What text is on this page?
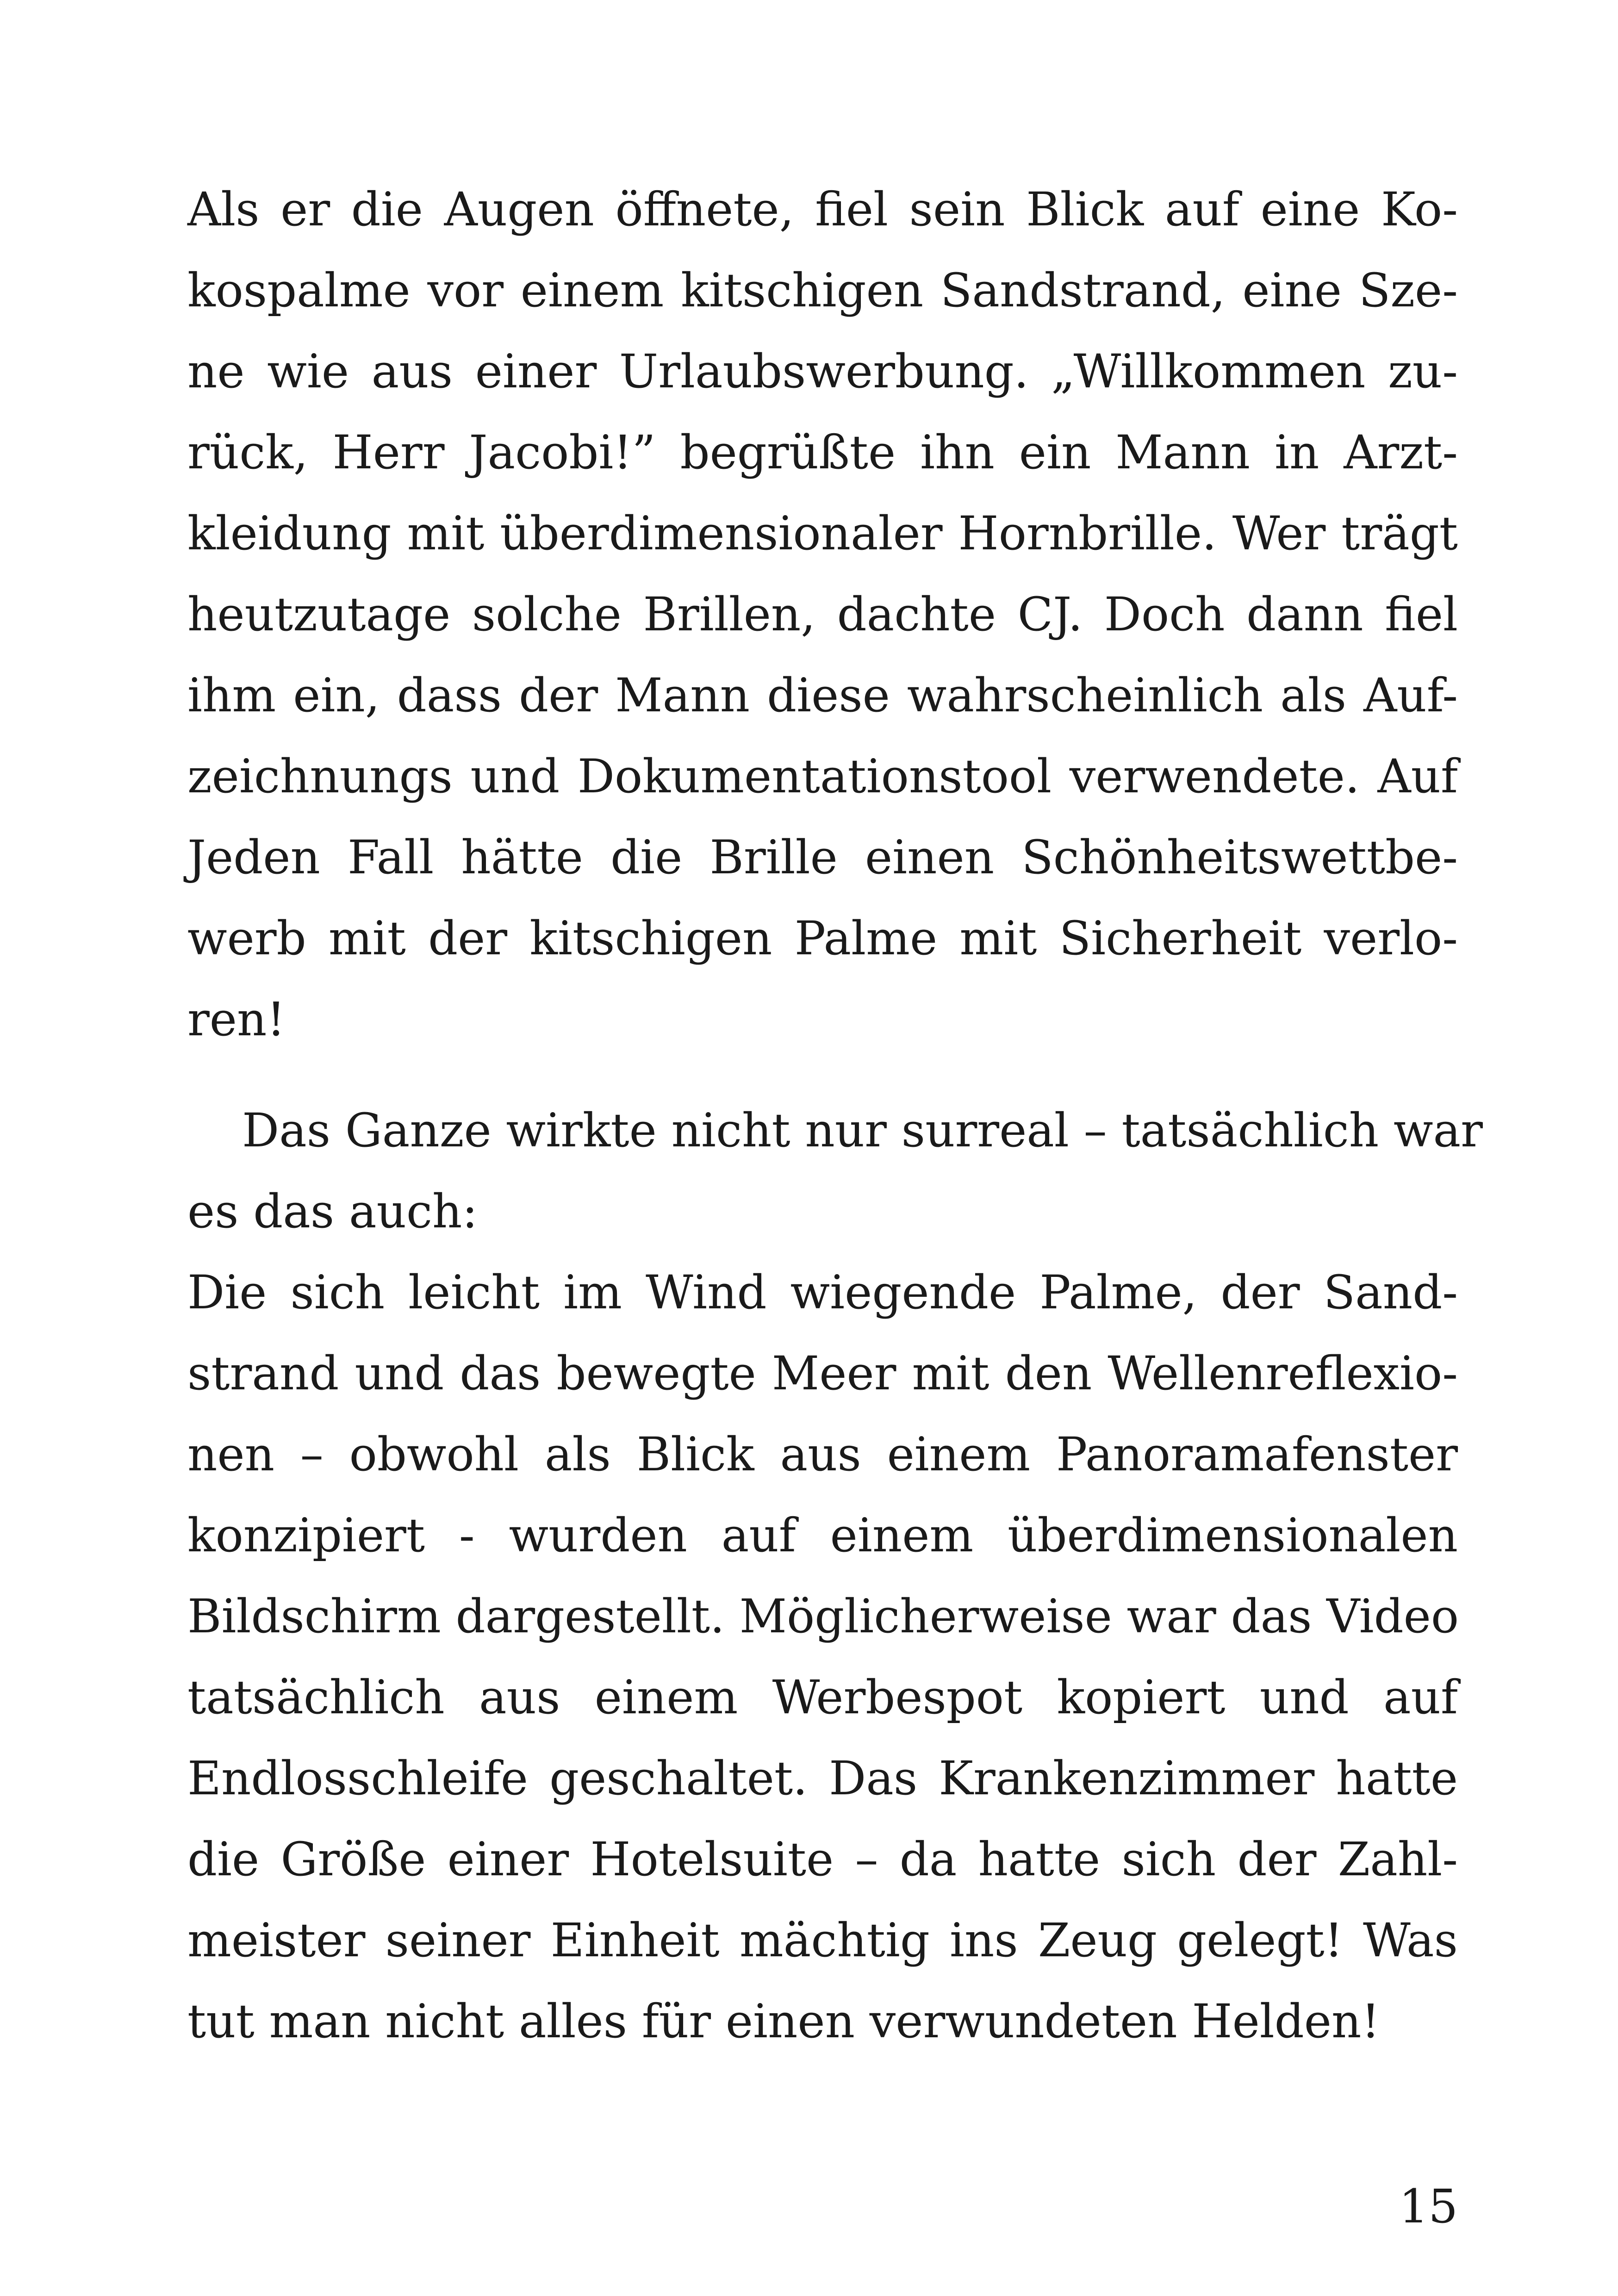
Als er die Augen öffnete, fiel sein Blick auf eine Ko-
kospalme vor einem kitschigen Sandstrand, eine Sze-
ne wie aus einer Urlaubswerbung. „Willkommen zu-
rück, Herr Jacobi!” begrüßte ihn ein Mann in Arzt-
kleidung mit überdimensionaler Hornbrille. Wer trägt
heutzutage solche Brillen, dachte CJ. Doch dann fiel
ihm ein, dass der Mann diese wahrscheinlich als Auf-
zeichnungs und Dokumentationstool verwendete. Auf
Jeden Fall hätte die Brille einen Schönheitswettbe-
werb mit der kitschigen Palme mit Sicherheit verlo-
ren!
Das Ganze wirkte nicht nur surreal – tatsächlich war
es das auch:
Die sich leicht im Wind wiegende Palme, der Sand-
strand und das bewegte Meer mit den Wellenreflexio-
nen – obwohl als Blick aus einem Panoramafenster
konzipiert - wurden auf einem überdimensionalen
Bildschirm dargestellt. Möglicherweise war das Video
tatsächlich aus einem Werbespot kopiert und auf
Endlosschleife geschaltet. Das Krankenzimmer hatte
die Größe einer Hotelsuite – da hatte sich der Zahl-
meister seiner Einheit mächtig ins Zeug gelegt! Was
tut man nicht alles für einen verwundeten Helden!
15
